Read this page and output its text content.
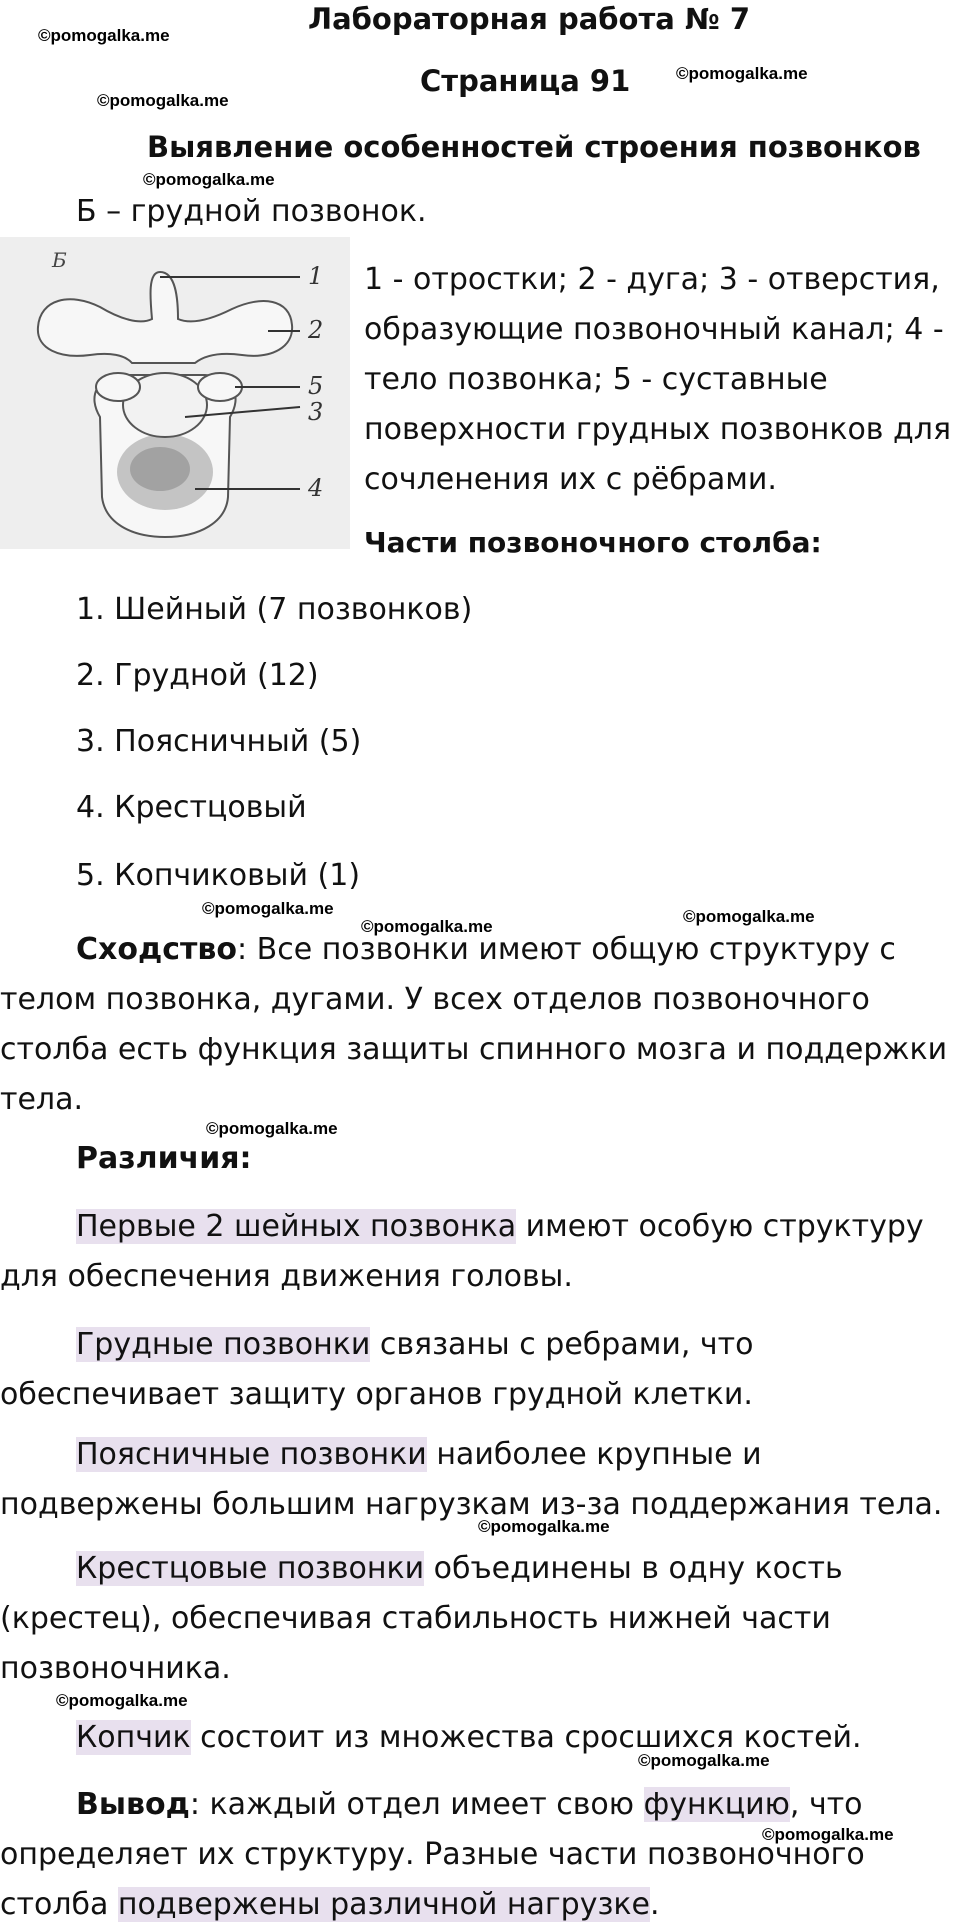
Лабораторная работа № 7
Страница 91
Выявление особенностей строения позвонков
©pomogalka.me
©pomogalka.me
©pomogalka.me
©pomogalka.me
©pomogalka.me
©pomogalka.me
©pomogalka.me
©pomogalka.me
©pomogalka.me
©pomogalka.me
©pomogalka.me
©pomogalka.me
Б – грудной позвонок.
Б
1
2
5
3
4
1 - отростки; 2 - дуга; 3 - отверстия,
образующие позвоночный канал; 4 -
тело позвонка; 5 - суставные
поверхности грудных позвонков для
сочленения их с рёбрами.
Части позвоночного столба:
1. Шейный (7 позвонков)
2. Грудной (12)
3. Поясничный (5)
4. Крестцовый
5. Копчиковый (1)
Сходство: Все позвонки имеют общую структуру с телом позвонка, дугами. У всех отделов позвоночного столба есть функция защиты спинного мозга и поддержки тела.
Различия:
Первые 2 шейных позвонка имеют особую структуру для обеспечения движения головы.
Грудные позвонки связаны с ребрами, что обеспечивает защиту органов грудной клетки.
Поясничные позвонки наиболее крупные и подвержены большим нагрузкам из-за поддержания тела.
Крестцовые позвонки объединены в одну кость (крестец), обеспечивая стабильность нижней части позвоночника.
Копчик состоит из множества сросшихся костей.
Вывод: каждый отдел имеет свою функцию, что определяет их структуру. Разные части позвоночного столба подвержены различной нагрузке.
